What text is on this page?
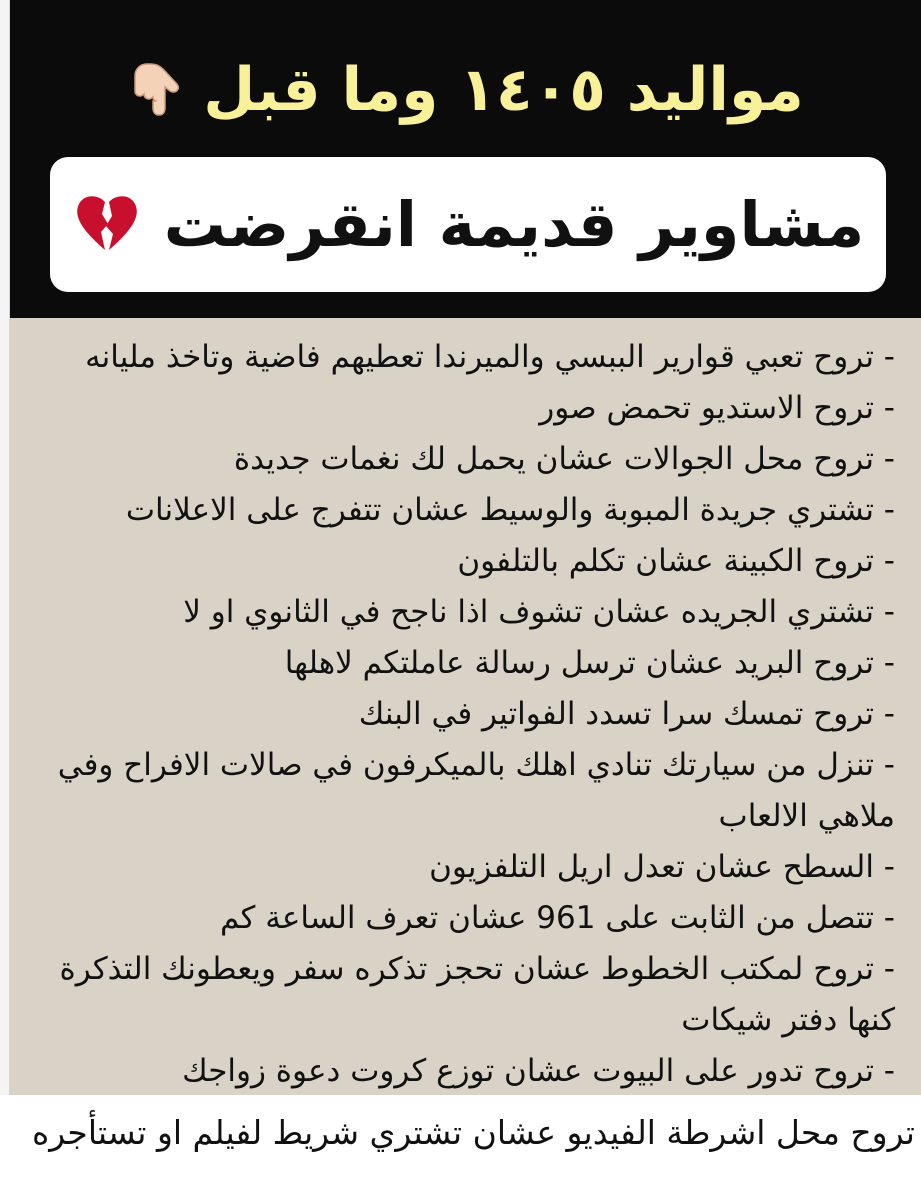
مواليد ١٤٠٥ وما قبل
مشاوير قديمة انقرضت
- تروح تعبي قوارير الببسي والميرندا تعطيهم فاضية وتاخذ مليانه
- تروح الاستديو تحمض صور
- تروح محل الجوالات عشان يحمل لك نغمات جديدة
- تشتري جريدة المبوبة والوسيط عشان تتفرج على الاعلانات
- تروح الكبينة عشان تكلم بالتلفون
- تشتري الجريده عشان تشوف اذا ناجح في الثانوي او لا
- تروح البريد عشان ترسل رسالة عاملتكم لاهلها
- تروح تمسك سرا تسدد الفواتير في البنك
- تنزل من سيارتك تنادي اهلك بالميكرفون في صالات الافراح وفي
ملاهي الالعاب
- السطح عشان تعدل اريل التلفزيون
- تتصل من الثابت على 961 عشان تعرف الساعة كم
- تروح لمكتب الخطوط عشان تحجز تذكره سفر ويعطونك التذكرة
كنها دفتر شيكات
- تروح تدور على البيوت عشان توزع كروت دعوة زواجك
تروح محل اشرطة الفيديو عشان تشتري شريط لفيلم او تستأجره
